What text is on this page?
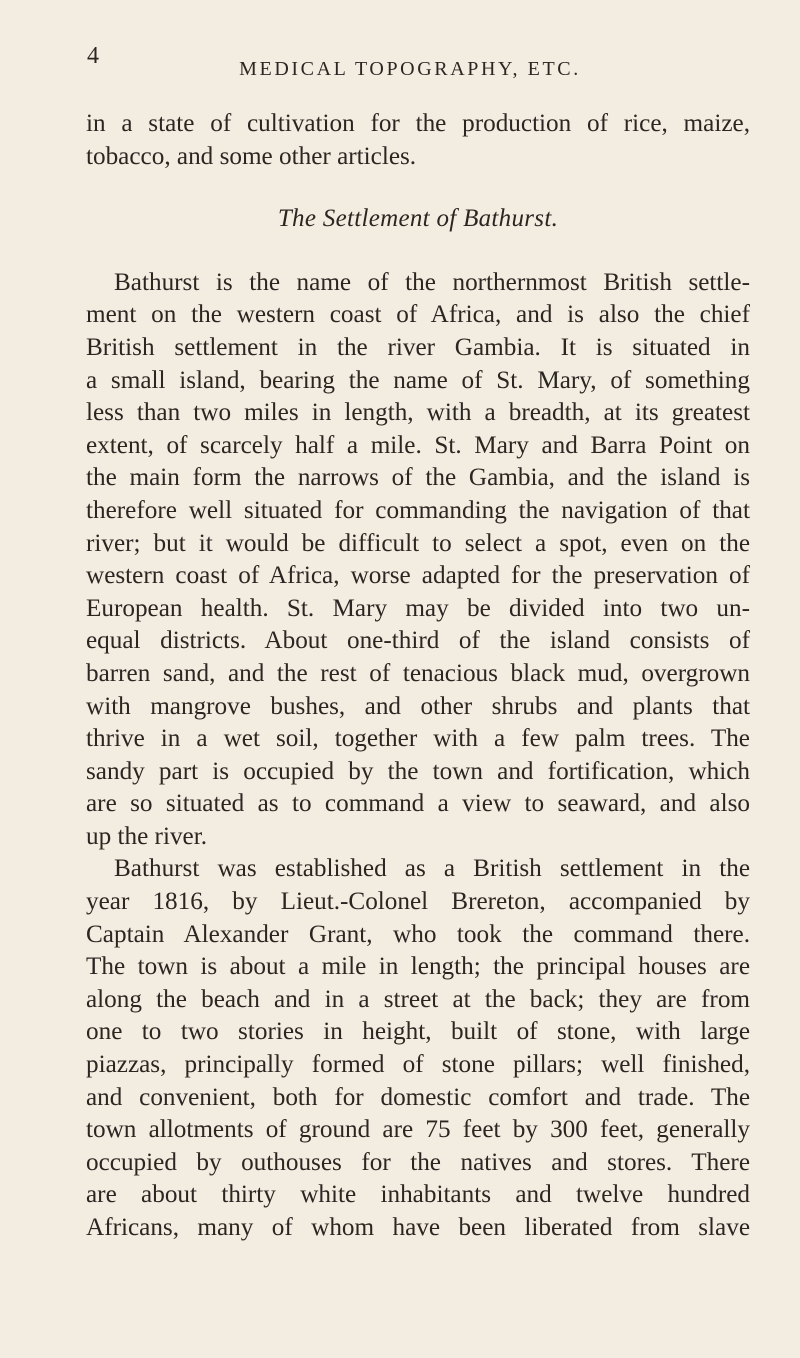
4	MEDICAL TOPOGRAPHY, ETC.
in a state of cultivation for the production of rice, maize,
tobacco, and some other articles.
The Settlement of Bathurst.
Bathurst is the name of the northernmost British settle-
ment on the western coast of Africa, and is also the chief
British settlement in the river Gambia. It is situated in
a small island, bearing the name of St. Mary, of something
less than two miles in length, with a breadth, at its greatest
extent, of scarcely half a mile. St. Mary and Barra Point on
the main form the narrows of the Gambia, and the island is
therefore well situated for commanding the navigation of that
river; but it would be difficult to select a spot, even on the
western coast of Africa, worse adapted for the preservation of
European health. St. Mary may be divided into two un-
equal districts. About one-third of the island consists of
barren sand, and the rest of tenacious black mud, overgrown
with mangrove bushes, and other shrubs and plants that
thrive in a wet soil, together with a few palm trees. The
sandy part is occupied by the town and fortification, which
are so situated as to command a view to seaward, and also
up the river.
Bathurst was established as a British settlement in the
year 1816, by Lieut.-Colonel Brereton, accompanied by
Captain Alexander Grant, who took the command there.
The town is about a mile in length; the principal houses are
along the beach and in a street at the back; they are from
one to two stories in height, built of stone, with large
piazzas, principally formed of stone pillars; well finished,
and convenient, both for domestic comfort and trade. The
town allotments of ground are 75 feet by 300 feet, generally
occupied by outhouses for the natives and stores. There
are about thirty white inhabitants and twelve hundred
Africans, many of whom have been liberated from slave
